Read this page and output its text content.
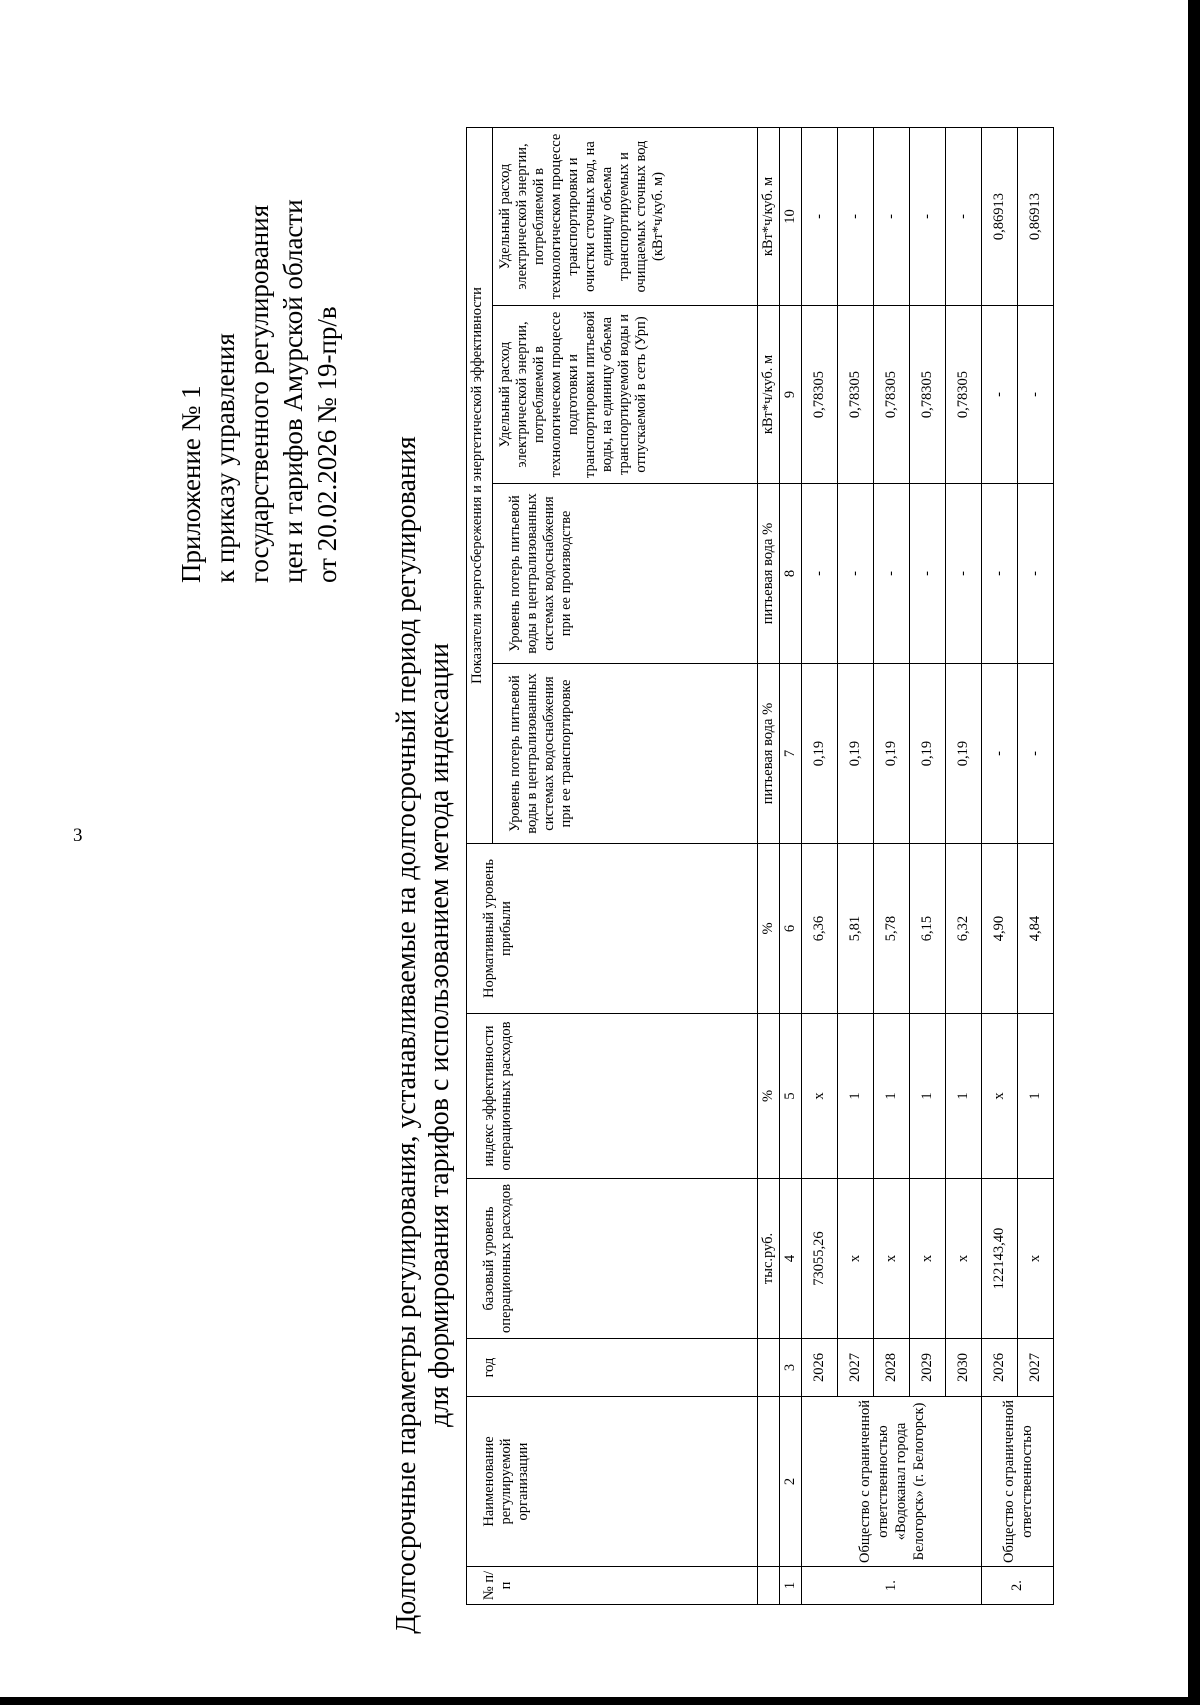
3
Приложение № 1 к приказу управления государственного регулирования цен и тарифов Амурской области от 20.02.2026 № 19-пр/в Долгосрочные параметры регулирования, устанавливаемые на долгосрочный период регулирования для формирования тарифов с использованием метода индексации
№ п/п	Наименование регулируемой организации	год	базовый уровень операционных расходов	индекс эффективности операционных расходов	Нормативный уровень прибыли	Показатели энергосбережения и энергетической эффективности			
						Уровень потерь питьевой воды в централизованных системах водоснабжения при ее транспортировке	Уровень потерь питьевой воды в централизованных системах водоснабжения при ее производстве	Удельный расход электрической энергии, потребляемой в технологическом процессе подготовки и транспортировки питьевой воды, на единицу объема транспортируемой воды и отпускаемой в сеть (Урп)	Удельный расход электрической энергии, потребляемой в технологическом процессе транспортировки и очистки сточных вод, на единицу объема транспортируемых и очищаемых сточных вод (кВт*ч/куб. м)
			тыс.руб.	%	%	питьевая вода %	питьевая вода %	кВт*ч/куб. м	кВт*ч/куб. м
1	2	3	4	5	6	7	8	9	10
1.	Общество с ограниченной ответственностью «Водоканал города Белогорск» (г. Белогорск)	2026	73055,26	х	6,36	0,19	-	0,78305	-
		2027	х	1	5,81	0,19	-	0,78305	-
		2028	х	1	5,78	0,19	-	0,78305	-
		2029	х	1	6,15	0,19	-	0,78305	-
		2030	х	1	6,32	0,19	-	0,78305	-
2.	Общество с ограниченной ответственностью	2026	122143,40	х	4,90	-	-	-	0,86913
		2027	х	1	4,84	-	-	-	0,86913
